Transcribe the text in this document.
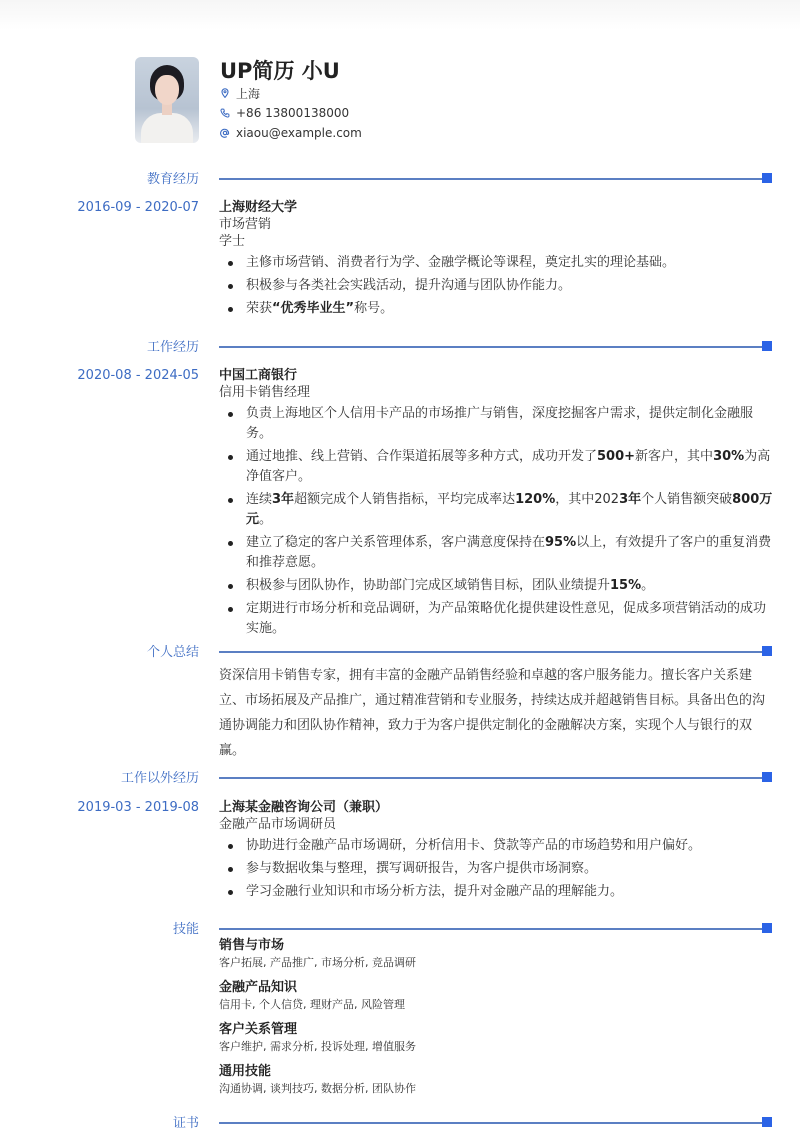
UP简历 小U
上海
+86 13800138000
xiaou@example.com
教育经历
2016-09 - 2020-07 上海财经大学
市场营销
学士
主修市场营销、消费者行为学、金融学概论等课程，奠定扎实的理论基础。
积极参与各类社会实践活动，提升沟通与团队协作能力。
荣获“优秀毕业生”称号。
工作经历
2020-08 - 2024-05 中国工商银行
信用卡销售经理
负责上海地区个人信用卡产品的市场推广与销售，深度挖掘客户需求，提供定制化金融服务。
通过地推、线上营销、合作渠道拓展等多种方式，成功开发了500+新客户，其中30%为高净值客户。
连续3年超额完成个人销售指标，平均完成率达120%，其中2023年个人销售额突破800万元。
建立了稳定的客户关系管理体系，客户满意度保持在95%以上，有效提升了客户的重复消费和推荐意愿。
积极参与团队协作，协助部门完成区域销售目标，团队业绩提升15%。
定期进行市场分析和竞品调研，为产品策略优化提供建设性意见，促成多项营销活动的成功实施。
个人总结
资深信用卡销售专家，拥有丰富的金融产品销售经验和卓越的客户服务能力。擅长客户关系建立、市场拓展及产品推广，通过精准营销和专业服务，持续达成并超越销售目标。具备出色的沟通协调能力和团队协作精神，致力于为客户提供定制化的金融解决方案，实现个人与银行的双赢。
工作以外经历
2019-03 - 2019-08 上海某金融咨询公司（兼职）
金融产品市场调研员
协助进行金融产品市场调研，分析信用卡、贷款等产品的市场趋势和用户偏好。
参与数据收集与整理，撰写调研报告，为客户提供市场洞察。
学习金融行业知识和市场分析方法，提升对金融产品的理解能力。
技能
销售与市场
客户拓展, 产品推广, 市场分析, 竞品调研
金融产品知识
信用卡, 个人信贷, 理财产品, 风险管理
客户关系管理
客户维护, 需求分析, 投诉处理, 增值服务
通用技能
沟通协调, 谈判技巧, 数据分析, 团队协作
证书
